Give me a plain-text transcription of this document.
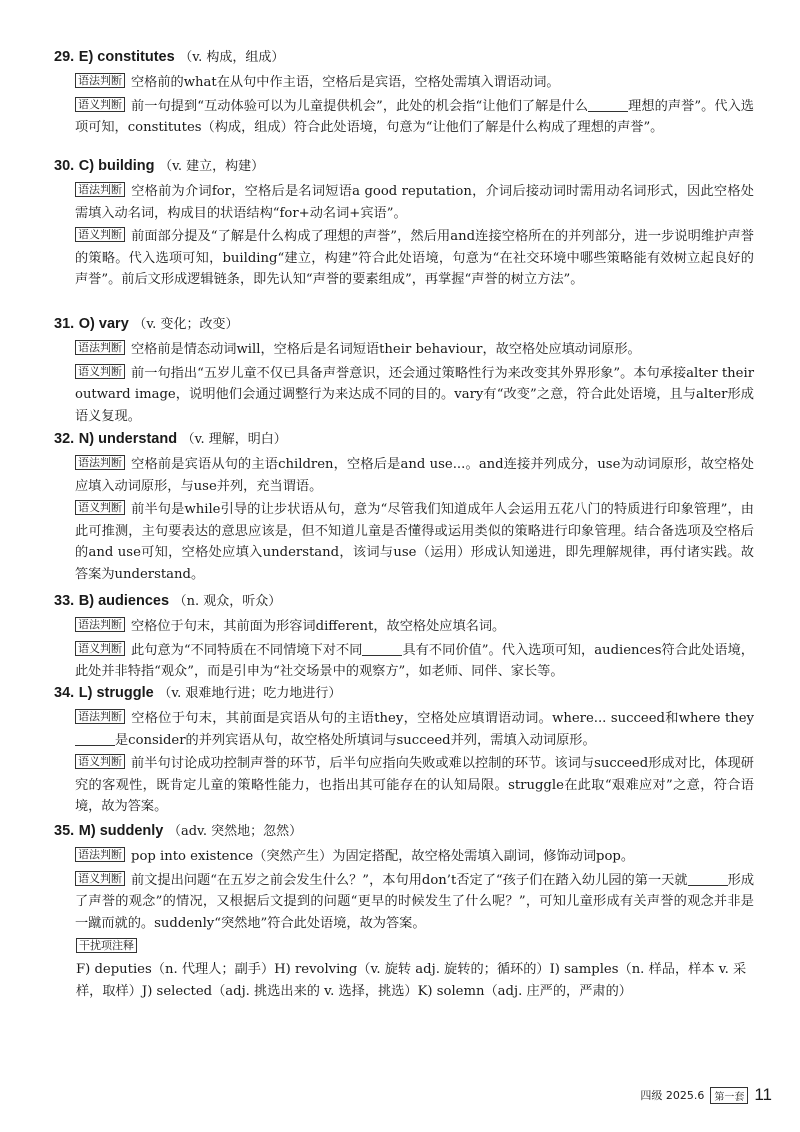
29. E) constitutes （v. 构成，组成）
语法判断 空格前的what在从句中作主语，空格后是宾语，空格处需填入谓语动词。
语义判断 前一句提到“互动体验可以为儿童提供机会”，此处的机会指“让他们了解是什么	理想的声誉”。代入选项可知，constitutes（构成，组成）符合此处语境，句意为“让他们了解是什么构成了理想的声誉”。
30. C) building （v. 建立，构建）
语法判断 空格前为介词for，空格后是名词短语a good reputation，介词后接动词时需用动名词形式，因此空格处需填入动名词，构成目的状语结构“for+动名词+宾语”。
语义判断 前面部分提及“了解是什么构成了理想的声誉”，然后用and连接空格所在的并列部分，进一步说明维护声誉的策略。代入选项可知，building“建立，构建”符合此处语境，句意为“在社交环境中哪些策略能有效树立起良好的声誉”。前后文形成逻辑链条，即先认知“声誉的要素组成”，再掌握“声誉的树立方法”。
31. O) vary （v. 变化；改变）
语法判断 空格前是情态动词will，空格后是名词短语their behaviour，故空格处应填动词原形。
语义判断 前一句指出“五岁儿童不仅已具备声誉意识，还会通过策略性行为来改变其外界形象”。本句承接alter their outward image，说明他们会通过调整行为来达成不同的目的。vary有“改变”之意，符合此处语境，且与alter形成语义复现。
32. N) understand （v. 理解，明白）
语法判断 空格前是宾语从句的主语children，空格后是and use...。and连接并列成分，use为动词原形，故空格处应填入动词原形，与use并列，充当谓语。
语义判断 前半句是while引导的让步状语从句，意为“尽管我们知道成年人会运用五花八门的特质进行印象管理”，由此可推测，主句要表达的意思应该是，但不知道儿童是否懂得或运用类似的策略进行印象管理。结合备选项及空格后的and use可知，空格处应填入understand，该词与use（运用）形成认知递进，即先理解规律，再付诸实践。故答案为understand。
33. B) audiences （n. 观众，听众）
语法判断 空格位于句末，其前面为形容词different，故空格处应填名词。
语义判断 此句意为“不同特质在不同情境下对不同	具有不同价值”。代入选项可知，audiences符合此处语境，此处并非特指“观众”，而是引申为“社交场景中的观察方”，如老师、同伴、家长等。
34. L) struggle （v. 艰难地行进；吃力地进行）
语法判断 空格位于句末，其前面是宾语从句的主语they，空格处应填谓语动词。where... succeed和where they是consider的并列宾语从句，故空格处所填词与succeed并列，需填入动词原形。
语义判断 前半句讨论成功控制声誉的环节，后半句应指向失败或难以控制的环节。该词与succeed形成对比，体现研究的客观性，既肯定儿童的策略性能力，也指出其可能存在的认知局限。struggle在此取“艰难应对”之意，符合语境，故为答案。
35. M) suddenly （adv. 突然地；忽然）
语法判断 pop into existence（突然产生）为固定搭配，故空格处需填入副词，修饰动词pop。
语义判断 前文提出问题“在五岁之前会发生什么？”，本句用don’t否定了“孩子们在踏入幼儿园的第一天就	形成了声誉的观念”的情况，又根据后文提到的问题“更早的时候发生了什么呢？”，可知儿童形成有关声誉的观念并非是一蹴而就的。suddenly“突然地”符合此处语境，故为答案。
干扰项注释
F) deputies（n. 代理人；副手）H) revolving（v. 旋转 adj. 旋转的；循环的）I) samples（n. 样品，样本 v. 采样，取样）J) selected（adj. 挑选出来的 v. 选择，挑选）K) solemn（adj. 庄严的，严肃的）
四级 2025.6	第一套 11
